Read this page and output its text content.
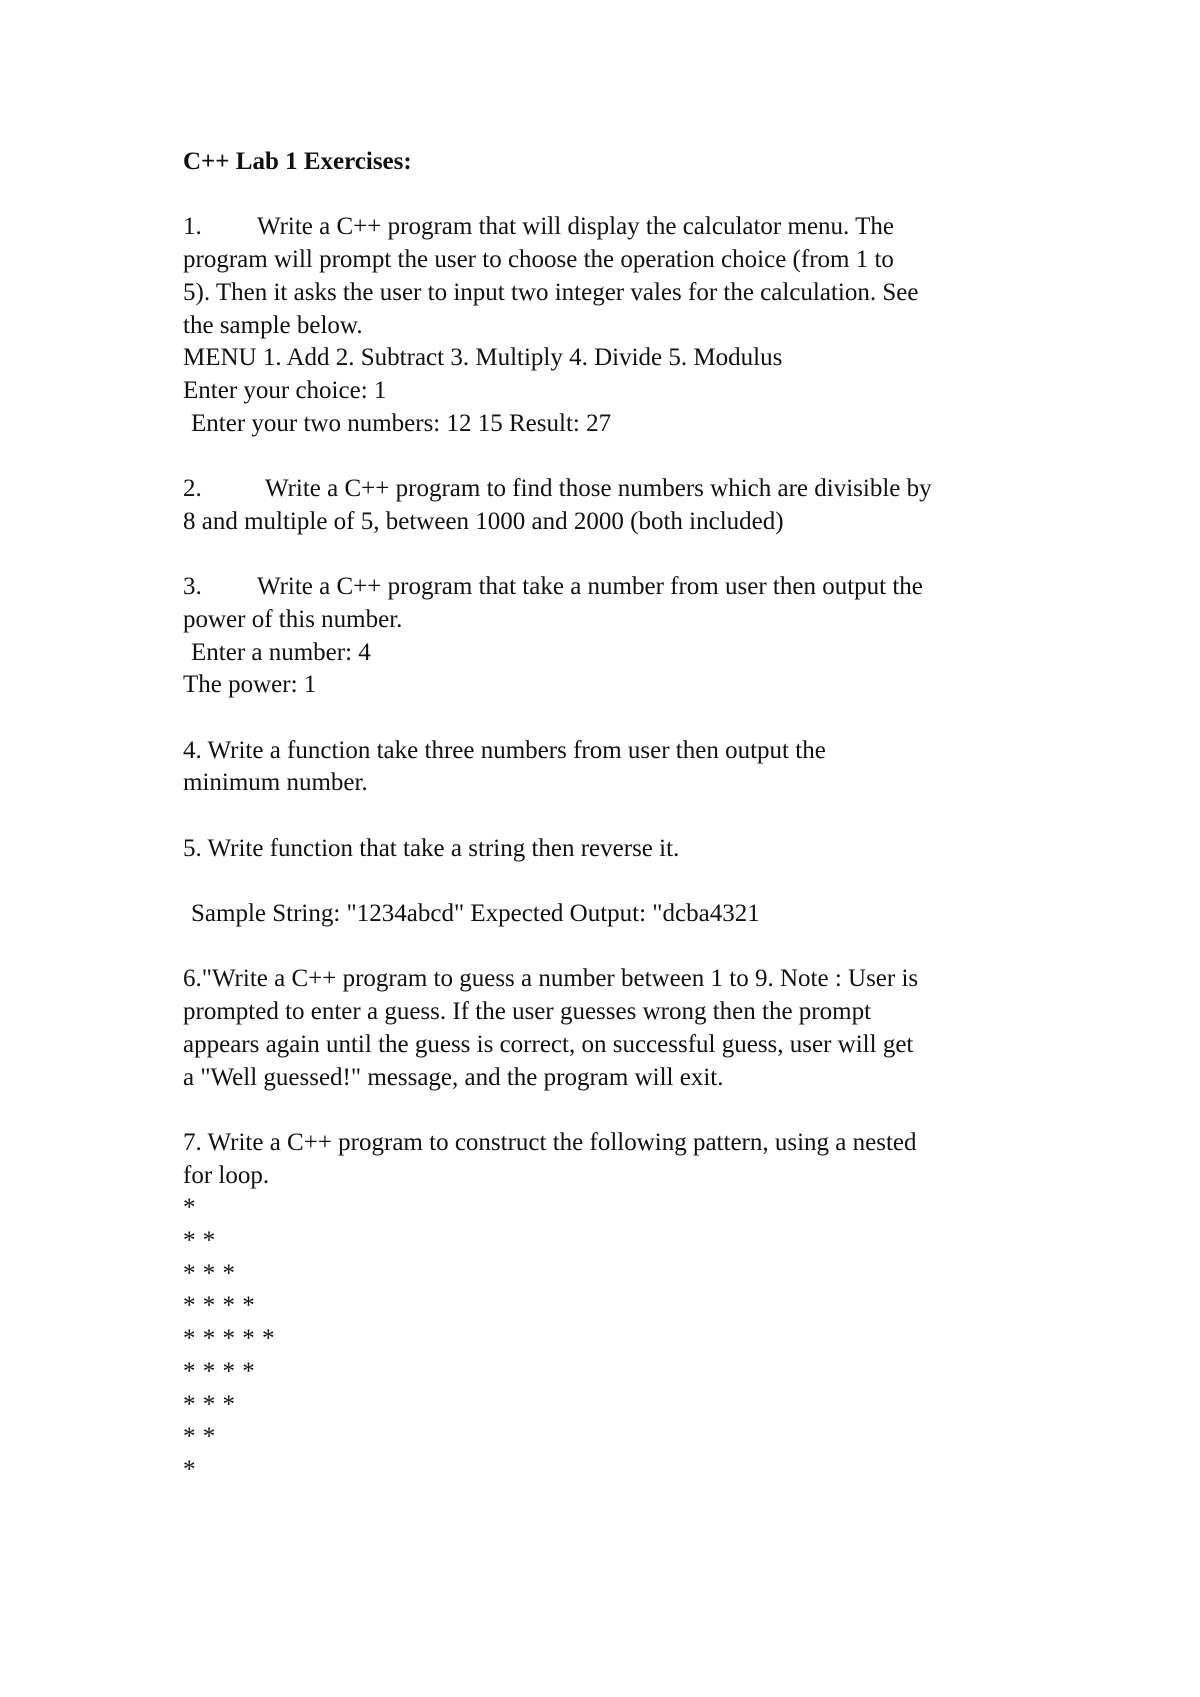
C++ Lab 1 Exercises:
1. Write a C++ program that will display the calculator menu. The
program will prompt the user to choose the operation choice (from 1 to
5). Then it asks the user to input two integer vales for the calculation. See
the sample below.
MENU 1. Add 2. Subtract 3. Multiply 4. Divide 5. Modulus
Enter your choice: 1
Enter your two numbers: 12 15 Result: 27
2.	Write a C++ program to find those numbers which are divisible by
8 and multiple of 5, between 1000 and 2000 (both included)
3. Write a C++ program that take a number from user then output the
power of this number.
Enter a number: 4
The power: 1
4. Write a function take three numbers from user then output the
minimum number.
5. Write function that take a string then reverse it.
Sample String: "1234abcd" Expected Output: "dcba4321
6."Write a C++ program to guess a number between 1 to 9. Note : User is
prompted to enter a guess. If the user guesses wrong then the prompt
appears again until the guess is correct, on successful guess, user will get
a "Well guessed!" message, and the program will exit.
7. Write a C++ program to construct the following pattern, using a nested
for loop.
*
* *
* * *
* * * *
* * * * *
* * * *
* * *
* *
*
